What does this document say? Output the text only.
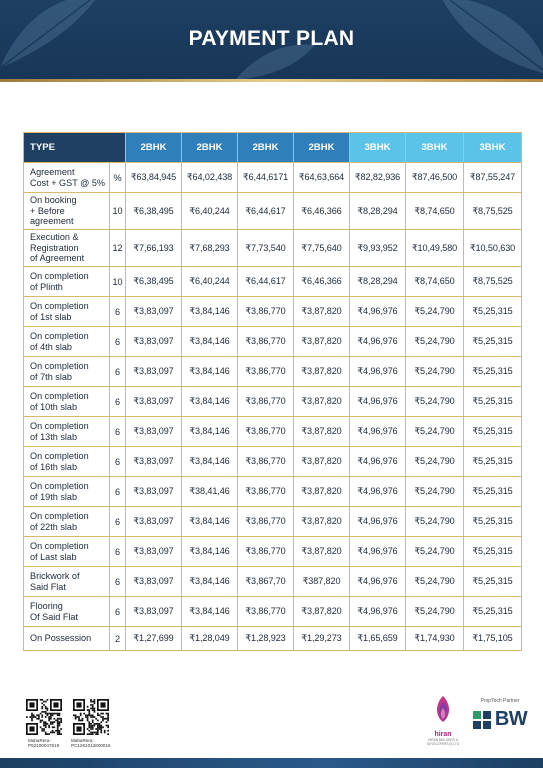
PAYMENT PLAN
TYPE		2BHK	2BHK	2BHK	2BHK	3BHK	3BHK	3BHK
Agreement
Cost + GST @ 5%	%	₹63,84,945	₹64,02,438	₹6,44,6171	₹64,63,664	₹82,82,936	₹87,46,500	₹87,55,247
On booking
+ Before
agreement	10	₹6,38,495	₹6,40,244	₹6,44,617	₹6,46,366	₹8,28,294	₹8,74,650	₹8,75,525
Execution &
Registration
of Agreement	12	₹7,66,193	₹7,68,293	₹7,73,540	₹7,75,640	₹9,93,952	₹10,49,580	₹10,50,630
On completion
of Plinth	10	₹6,38,495	₹6,40,244	₹6,44,617	₹6,46,366	₹8,28,294	₹8,74,650	₹8,75,525
On completion
of 1st slab	6	₹3,83,097	₹3,84,146	₹3,86,770	₹3,87,820	₹4,96,976	₹5,24,790	₹5,25,315
On completion
of 4th slab	6	₹3,83,097	₹3,84,146	₹3,86,770	₹3,87,820	₹4,96,976	₹5,24,790	₹5,25,315
On completion
of 7th slab	6	₹3,83,097	₹3,84,146	₹3,86,770	₹3,87,820	₹4,96,976	₹5,24,790	₹5,25,315
On completion
of 10th slab	6	₹3,83,097	₹3,84,146	₹3,86,770	₹3,87,820	₹4,96,976	₹5,24,790	₹5,25,315
On completion
of 13th slab	6	₹3,83,097	₹3,84,146	₹3,86,770	₹3,87,820	₹4,96,976	₹5,24,790	₹5,25,315
On completion
of 16th slab	6	₹3,83,097	₹3,84,146	₹3,86,770	₹3,87,820	₹4,96,976	₹5,24,790	₹5,25,315
On completion
of 19th slab	6	₹3,83,097	₹38,41,46	₹3,86,770	₹3,87,820	₹4,96,976	₹5,24,790	₹5,25,315
On completion
of 22th slab	6	₹3,83,097	₹3,84,146	₹3,86,770	₹3,87,820	₹4,96,976	₹5,24,790	₹5,25,315
On completion
of Last slab	6	₹3,83,097	₹3,84,146	₹3,86,770	₹3,87,820	₹4,96,976	₹5,24,790	₹5,25,315
Brickwork of
Said Flat	6	₹3,83,097	₹3,84,146	₹3,867,70	₹387,820	₹4,96,976	₹5,24,790	₹5,25,315
Flooring
Of Said Flat	6	₹3,83,097	₹3,84,146	₹3,86,770	₹3,87,820	₹4,96,976	₹5,24,790	₹5,25,315
On Possession	2	₹1,27,699	₹1,28,049	₹1,28,923	₹1,29,273	₹1,65,659	₹1,74,930	₹1,75,105
MahaRera:
P52100047619
MahaRera:
PC1261012600016
hiran
HIRAN BUILDERS & DEVELOPERS (I) LTD
PropTech Partner
BW
